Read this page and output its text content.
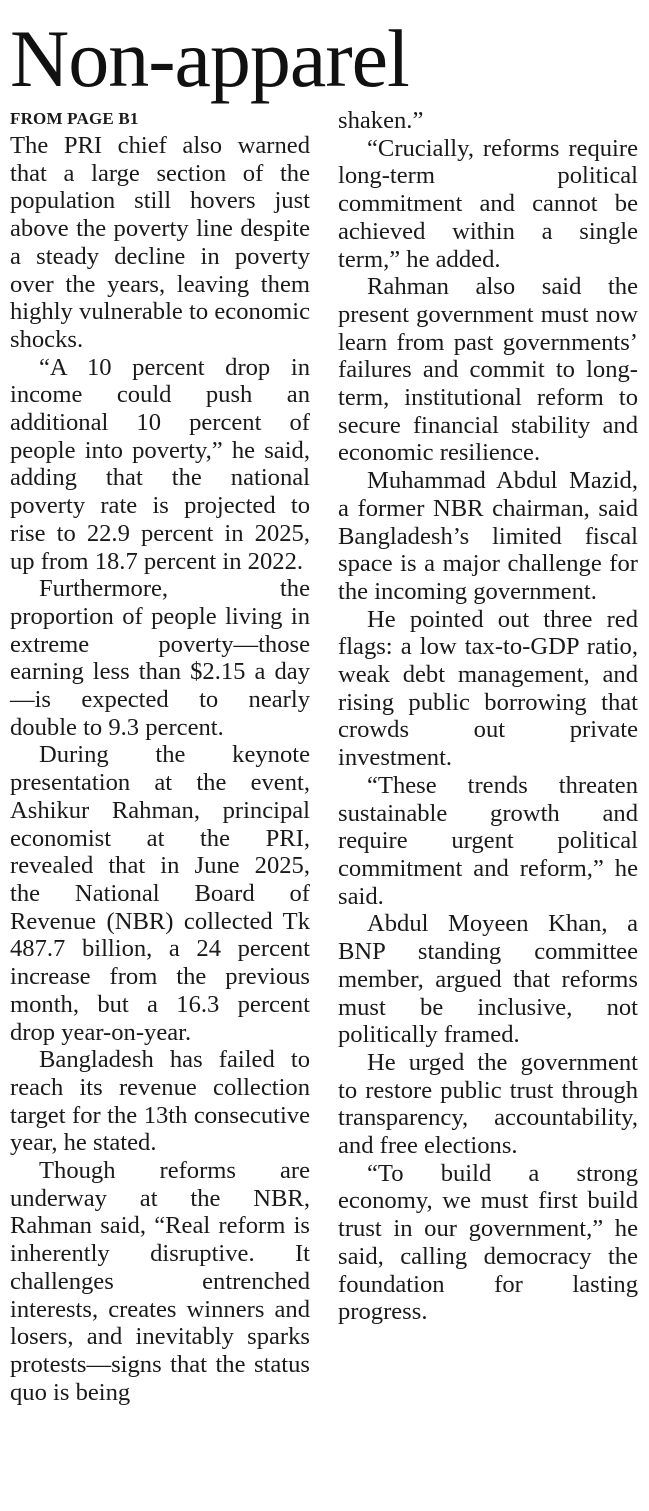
Non-apparel
FROM PAGE B1

The PRI chief also warned that a large section of the population still hovers just above the poverty line despite a steady decline in poverty over the years, leaving them highly vulnerable to economic shocks.

“A 10 percent drop in income could push an additional 10 percent of people into poverty,” he said, adding that the national poverty rate is projected to rise to 22.9 percent in 2025, up from 18.7 percent in 2022.

Furthermore, the proportion of people living in extreme poverty—those earning less than $2.15 a day—is expected to nearly double to 9.3 percent.

During the keynote presentation at the event, Ashikur Rahman, principal economist at the PRI, revealed that in June 2025, the National Board of Revenue (NBR) collected Tk 487.7 billion, a 24 percent increase from the previous month, but a 16.3 percent drop year-on-year.

Bangladesh has failed to reach its revenue collection target for the 13th consecutive year, he stated.

Though reforms are underway at the NBR, Rahman said, “Real reform is inherently disruptive. It challenges entrenched interests, creates winners and losers, and inevitably sparks protests—signs that the status quo is being

shaken.”

“Crucially, reforms require long-term political commitment and cannot be achieved within a single term,” he added.

Rahman also said the present government must now learn from past governments’ failures and commit to long-term, institutional reform to secure financial stability and economic resilience.

Muhammad Abdul Mazid, a former NBR chairman, said Bangladesh’s limited fiscal space is a major challenge for the incoming government.

He pointed out three red flags: a low tax-to-GDP ratio, weak debt management, and rising public borrowing that crowds out private investment.

“These trends threaten sustainable growth and require urgent political commitment and reform,” he said.

Abdul Moyeen Khan, a BNP standing committee member, argued that reforms must be inclusive, not politically framed.

He urged the government to restore public trust through transparency, accountability, and free elections.

“To build a strong economy, we must first build trust in our government,” he said, calling democracy the foundation for lasting progress.
